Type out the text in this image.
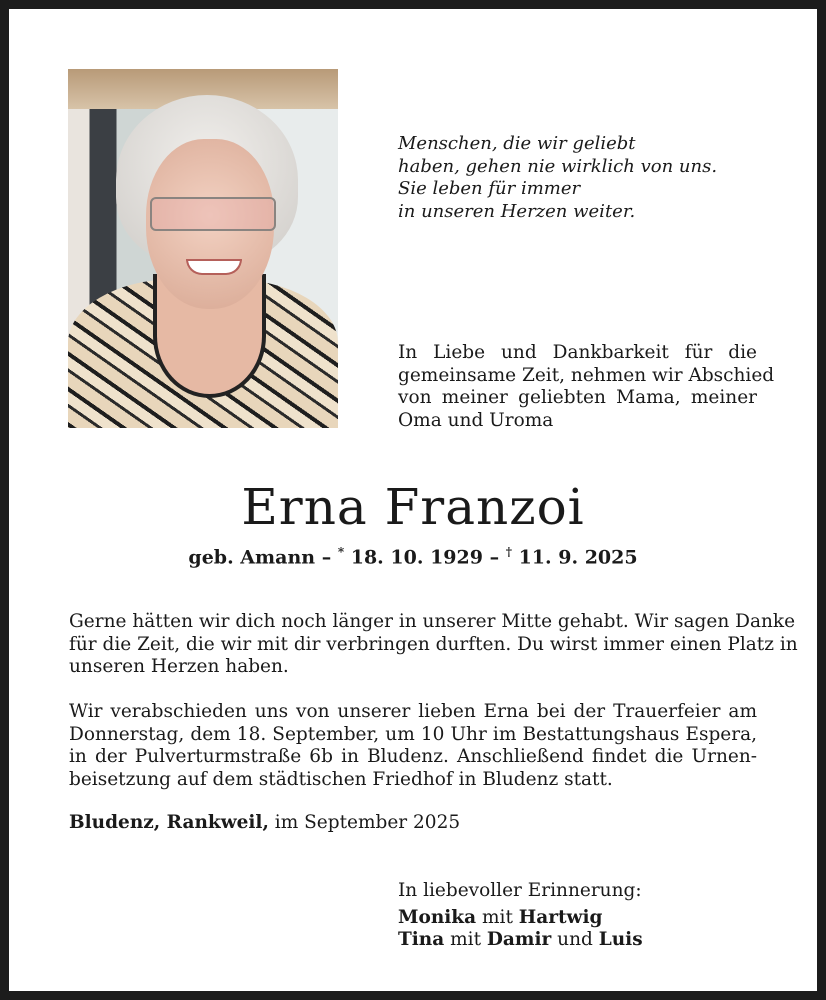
Menschen, die wir geliebt
haben, gehen nie wirklich von uns.
Sie leben für immer
in unseren Herzen weiter.
In Liebe und Dankbarkeit für die
gemeinsame Zeit, nehmen wir Abschied
von meiner geliebten Mama, meiner
Oma und Uroma
Erna Franzoi
geb. Amann – * 18. 10. 1929 – † 11. 9. 2025
Gerne hätten wir dich noch länger in unserer Mitte gehabt. Wir sagen Danke
für die Zeit, die wir mit dir verbringen durften. Du wirst immer einen Platz in
unseren Herzen haben.
Wir verabschieden uns von unserer lieben Erna bei der Trauerfeier am
Donnerstag, dem 18. September, um 10 Uhr im Bestattungshaus Espera,
in der Pulverturmstraße 6b in Bludenz. Anschließend findet die Urnen-
beisetzung auf dem städtischen Friedhof in Bludenz statt.
Bludenz, Rankweil, im September 2025
In liebevoller Erinnerung:
Monika mit Hartwig
Tina mit Damir und Luis
